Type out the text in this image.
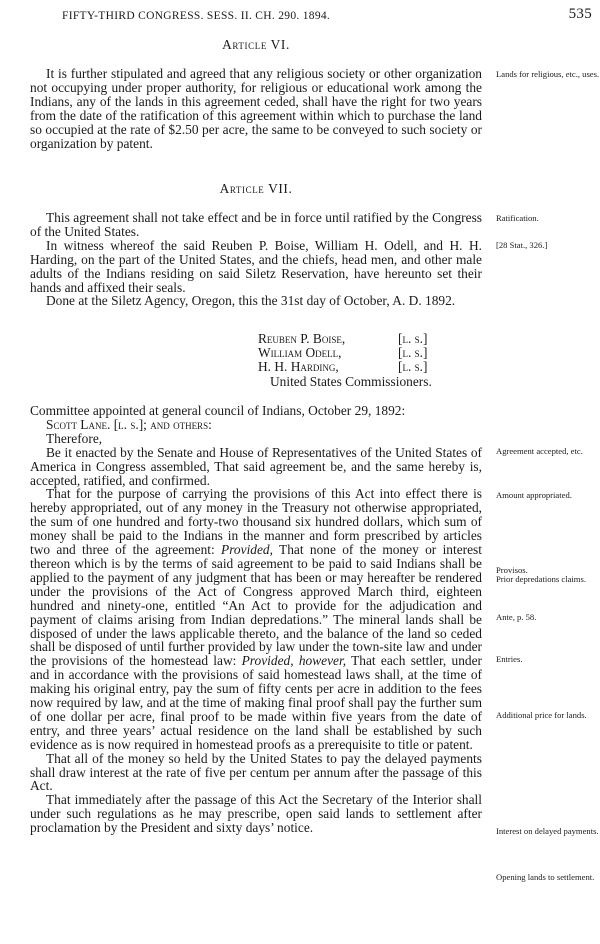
FIFTY-THIRD CONGRESS. SESS. II. CH. 290. 1894.	535
Article VI.

It is further stipulated and agreed that any religious society or other organization not occupying under proper authority, for religious or educational work among the Indians, any of the lands in this agreement ceded, shall have the right for two years from the date of the ratification of this agreement within which to purchase the land so occupied at the rate of $2.50 per acre, the same to be conveyed to such society or organization by patent.

Article VII.

This agreement shall not take effect and be in force until ratified by the Congress of the United States.

In witness whereof the said Reuben P. Boise, William H. Odell, and H. H. Harding, on the part of the United States, and the chiefs, head men, and other male adults of the Indians residing on said Siletz Reservation, have hereunto set their hands and affixed their seals.

Done at the Siletz Agency, Oregon, this the 31st day of October, A. D. 1892.

Reuben P. Boise,	[l. s.]
William Odell,	[l. s.]
H. H. Harding,	[l. s.]
United States Commissioners.

Committee appointed at general council of Indians, October 29, 1892:

Scott Lane. [l. s.]; and others:

Therefore,

Be it enacted by the Senate and House of Representatives of the United States of America in Congress assembled, That said agreement be, and the same hereby is, accepted, ratified, and confirmed.

That for the purpose of carrying the provisions of this Act into effect there is hereby appropriated, out of any money in the Treasury not otherwise appropriated, the sum of one hundred and forty-two thousand six hundred dollars, which sum of money shall be paid to the Indians in the manner and form prescribed by articles two and three of the agreement: Provided, That none of the money or interest thereon which is by the terms of said agreement to be paid to said Indians shall be applied to the payment of any judgment that has been or may hereafter be rendered under the provisions of the Act of Congress approved March third, eighteen hundred and ninety-one, entitled “An Act to provide for the adjudication and payment of claims arising from Indian depredations.” The mineral lands shall be disposed of under the laws applicable thereto, and the balance of the land so ceded shall be disposed of until further provided by law under the town-site law and under the provisions of the homestead law: Provided, however, That each settler, under and in accordance with the provisions of said homestead laws shall, at the time of making his original entry, pay the sum of fifty cents per acre in addition to the fees now required by law, and at the time of making final proof shall pay the further sum of one dollar per acre, final proof to be made within five years from the date of entry, and three years’ actual residence on the land shall be established by such evidence as is now required in homestead proofs as a prerequisite to title or patent.

That all of the money so held by the United States to pay the delayed payments shall draw interest at the rate of five per centum per annum after the passage of this Act.

That immediately after the passage of this Act the Secretary of the Interior shall under such regulations as he may prescribe, open said lands to settlement after proclamation by the President and sixty days’ notice.

Lands for religious, etc., uses.
Ratification.
[28 Stat., 326.]
Agreement accepted, etc.
Amount appropriated.
Provisos.
Prior depredations claims.
Ante, p. 58.
Entries.
Additional price for lands.
Interest on delayed payments.
Opening lands to settlement.
